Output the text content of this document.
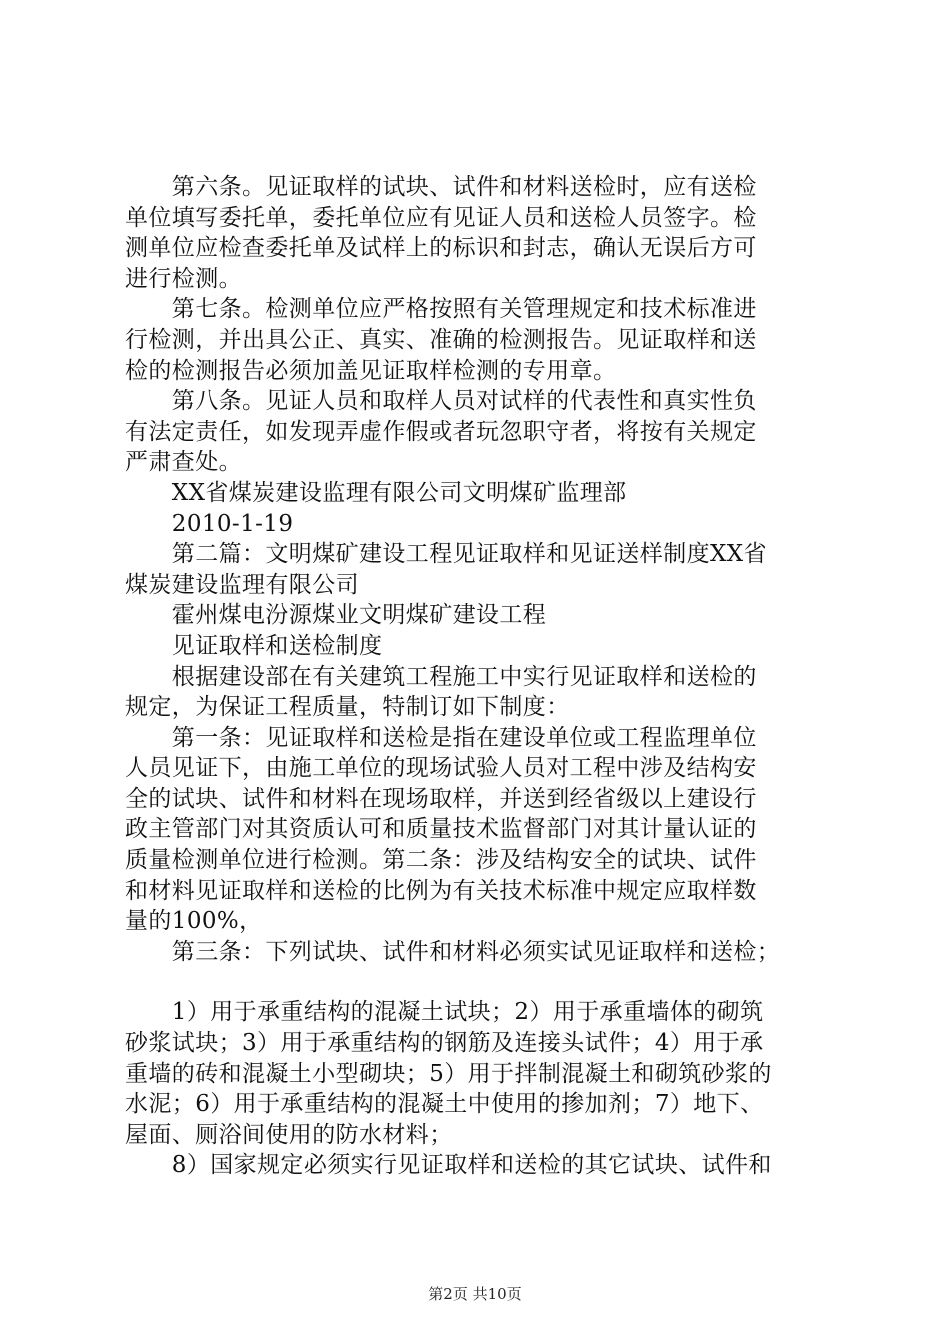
　　第六条。见证取样的试块、试件和材料送检时，应有送检
单位填写委托单，委托单位应有见证人员和送检人员签字。检
测单位应检查委托单及试样上的标识和封志，确认无误后方可
进行检测。
　　第七条。检测单位应严格按照有关管理规定和技术标准进
行检测，并出具公正、真实、准确的检测报告。见证取样和送
检的检测报告必须加盖见证取样检测的专用章。
　　第八条。见证人员和取样人员对试样的代表性和真实性负
有法定责任，如发现弄虚作假或者玩忽职守者，将按有关规定
严肃查处。
　　XX省煤炭建设监理有限公司文明煤矿监理部
　　2010-1-19
　　第二篇：文明煤矿建设工程见证取样和见证送样制度XX省
煤炭建设监理有限公司
　　霍州煤电汾源煤业文明煤矿建设工程
　　见证取样和送检制度
　　根据建设部在有关建筑工程施工中实行见证取样和送检的
规定，为保证工程质量，特制订如下制度：
　　第一条：见证取样和送检是指在建设单位或工程监理单位
人员见证下，由施工单位的现场试验人员对工程中涉及结构安
全的试块、试件和材料在现场取样，并送到经省级以上建设行
政主管部门对其资质认可和质量技术监督部门对其计量认证的
质量检测单位进行检测。第二条：涉及结构安全的试块、试件
和材料见证取样和送检的比例为有关技术标准中规定应取样数
量的100%，
　　第三条：下列试块、试件和材料必须实试见证取样和送检；
　　1）用于承重结构的混凝土试块；2）用于承重墙体的砌筑
砂浆试块；3）用于承重结构的钢筋及连接头试件；4）用于承
重墙的砖和混凝土小型砌块；5）用于拌制混凝土和砌筑砂浆的
水泥；6）用于承重结构的混凝土中使用的掺加剂；7）地下、
屋面、厕浴间使用的防水材料；
　　8）国家规定必须实行见证取样和送检的其它试块、试件和
第2页 共10页
